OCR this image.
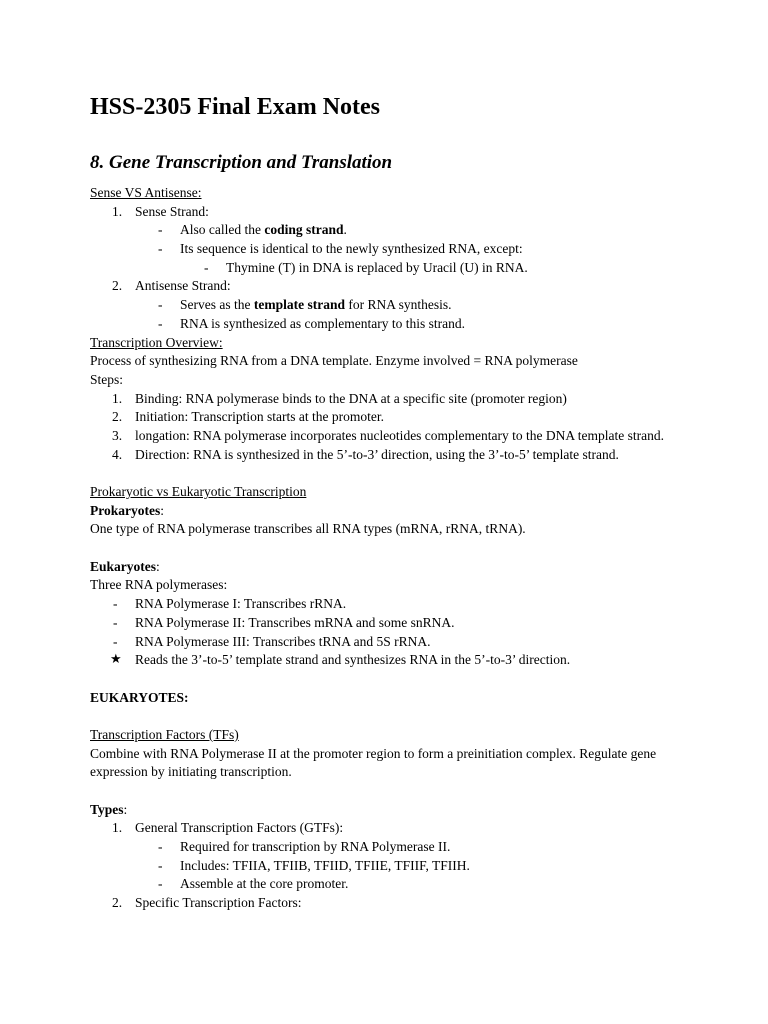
HSS-2305 Final Exam Notes
8. Gene Transcription and Translation
Sense VS Antisense:
1. Sense Strand:
- Also called the coding strand.
- Its sequence is identical to the newly synthesized RNA, except:
- Thymine (T) in DNA is replaced by Uracil (U) in RNA.
2. Antisense Strand:
- Serves as the template strand for RNA synthesis.
- RNA is synthesized as complementary to this strand.
Transcription Overview:
Process of synthesizing RNA from a DNA template. Enzyme involved = RNA polymerase
Steps:
1. Binding: RNA polymerase binds to the DNA at a specific site (promoter region)
2. Initiation: Transcription starts at the promoter.
3. longation: RNA polymerase incorporates nucleotides complementary to the DNA template strand.
4. Direction: RNA is synthesized in the 5’-to-3’ direction, using the 3’-to-5’ template strand.
Prokaryotic vs Eukaryotic Transcription
Prokaryotes:
One type of RNA polymerase transcribes all RNA types (mRNA, rRNA, tRNA).
Eukaryotes:
Three RNA polymerases:
- RNA Polymerase I: Transcribes rRNA.
- RNA Polymerase II: Transcribes mRNA and some snRNA.
- RNA Polymerase III: Transcribes tRNA and 5S rRNA.
★ Reads the 3’-to-5’ template strand and synthesizes RNA in the 5’-to-3’ direction.
EUKARYOTES:
Transcription Factors (TFs)
Combine with RNA Polymerase II at the promoter region to form a preinitiation complex. Regulate gene
expression by initiating transcription.
Types:
1. General Transcription Factors (GTFs):
- Required for transcription by RNA Polymerase II.
- Includes: TFIIA, TFIIB, TFIID, TFIIE, TFIIF, TFIIH.
- Assemble at the core promoter.
2. Specific Transcription Factors:
